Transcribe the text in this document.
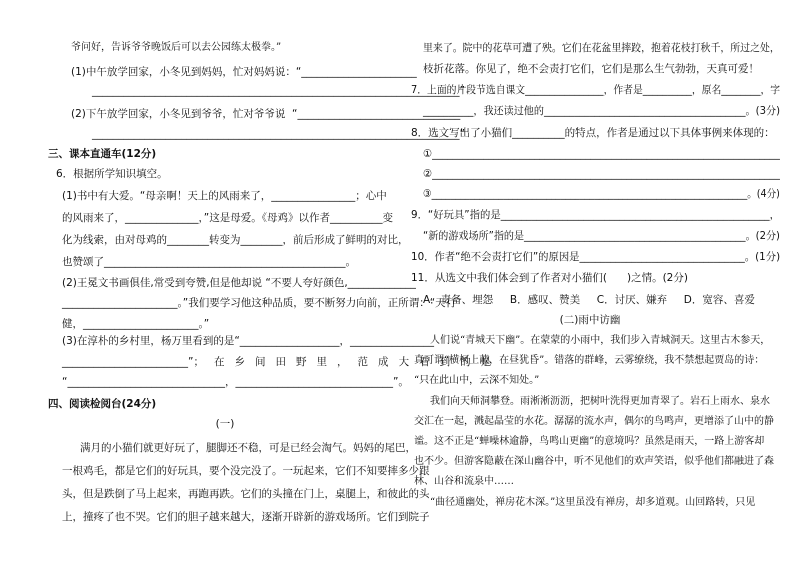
爷问好，告诉爷爷晚饭后可以去公园练太极拳。”
(1)中午放学回家，小冬见到妈妈，忙对妈妈说：“______________________
______________________________________________________________________”
(2)下午放学回家，小冬见到爷爷，忙对爷爷说  “_______________________________
______________________________________________________________________”
三、课本直通车(12分)
6．根据所学知识填空。
(1)书中有大爱。“母亲啊！天上的风雨来了，________________；心中
的风雨来了，______________，”这是母爱。《母鸡》以作者__________变
化为线索，由对母鸡的________转变为________，前后形成了鲜明的对比，
也赞颂了______________________________________________。
(2)王冕文书画俱佳,常受到夸赞,但是他却说 “不要人夸好颜色,_____________
______________________。”我们要学习他这种品质，要不断努力向前，正所谓：“天行
健，______________________。”
(3)在淳朴的乡村里，杨万里看到的是“___________________，________________
________________________”；   在   乡   间   田   野   里   ，   范   成   大   看   到   的   是
“______________________________，______________________________”。
四、阅读检阅台(24分)
(一)
满月的小猫们就更好玩了，腿脚还不稳，可是已经会淘气。妈妈的尾巴，
一根鸡毛，都是它们的好玩具，要个没完没了。一玩起来，它们不知要摔多少跟
头，但是跌倒了马上起来，再跑再跌。它们的头撞在门上，桌腿上，和彼此的头
上，撞疼了也不哭。它们的胆子越来越大，逐渐开辟新的游戏场所。它们到院子
里来了。院中的花草可遭了殃。它们在花盆里摔跤，抱着花枝打秋千，所过之处，
枝折花落。你见了，绝不会责打它们，它们是那么生气勃勃，天真可爱！
7．上面的片段节选自课文________________，作者是__________，原名________，字
__________，我还读过他的________________________________________。(3分)
8．选文写出了小猫们__________的特点，作者是通过以下具体事例来体现的：
①____________________________________________________________________
②____________________________________________________________________
③__________________________________________________________________。(4分)
9．“好玩具”指的是____________________________________________________，
“新的游戏场所”指的是____________________________________________。(2分)
10．作者“绝不会责打它们”的原因是________________________________。(1分)
11．从选文中我们体会到了作者对小猫们(      )之情。(2分)
A．责备、埋怨     B．感叹、赞美     C．讨厌、嫌弃     D．宽容、喜爱
(二)雨中访幽
人们说“青城天下幽”。在蒙蒙的小雨中，我们步入青城洞天。这里古木参天，
真可谓“横柯上蔽，在昼犹昏”。错落的群峰，云雾缭绕，我不禁想起贾岛的诗：
“只在此山中，云深不知处。”
我们向天师洞攀登。雨淅淅沥沥，把树叶洗得更加青翠了。岩石上雨水、泉水
交汇在一起，溅起晶莹的水花。潺潺的流水声，偶尔的鸟鸣声，更增添了山中的静
谧。这不正是“蝉噪林逾静，鸟鸣山更幽”的意境吗？虽然是雨天，一路上游客却
也不少。但游客隐蔽在深山幽谷中，听不见他们的欢声笑语，似乎他们都融进了森
林、山谷和流泉中……
“曲径通幽处，禅房花木深。”这里虽没有禅房，却多道观。山回路转，只见
